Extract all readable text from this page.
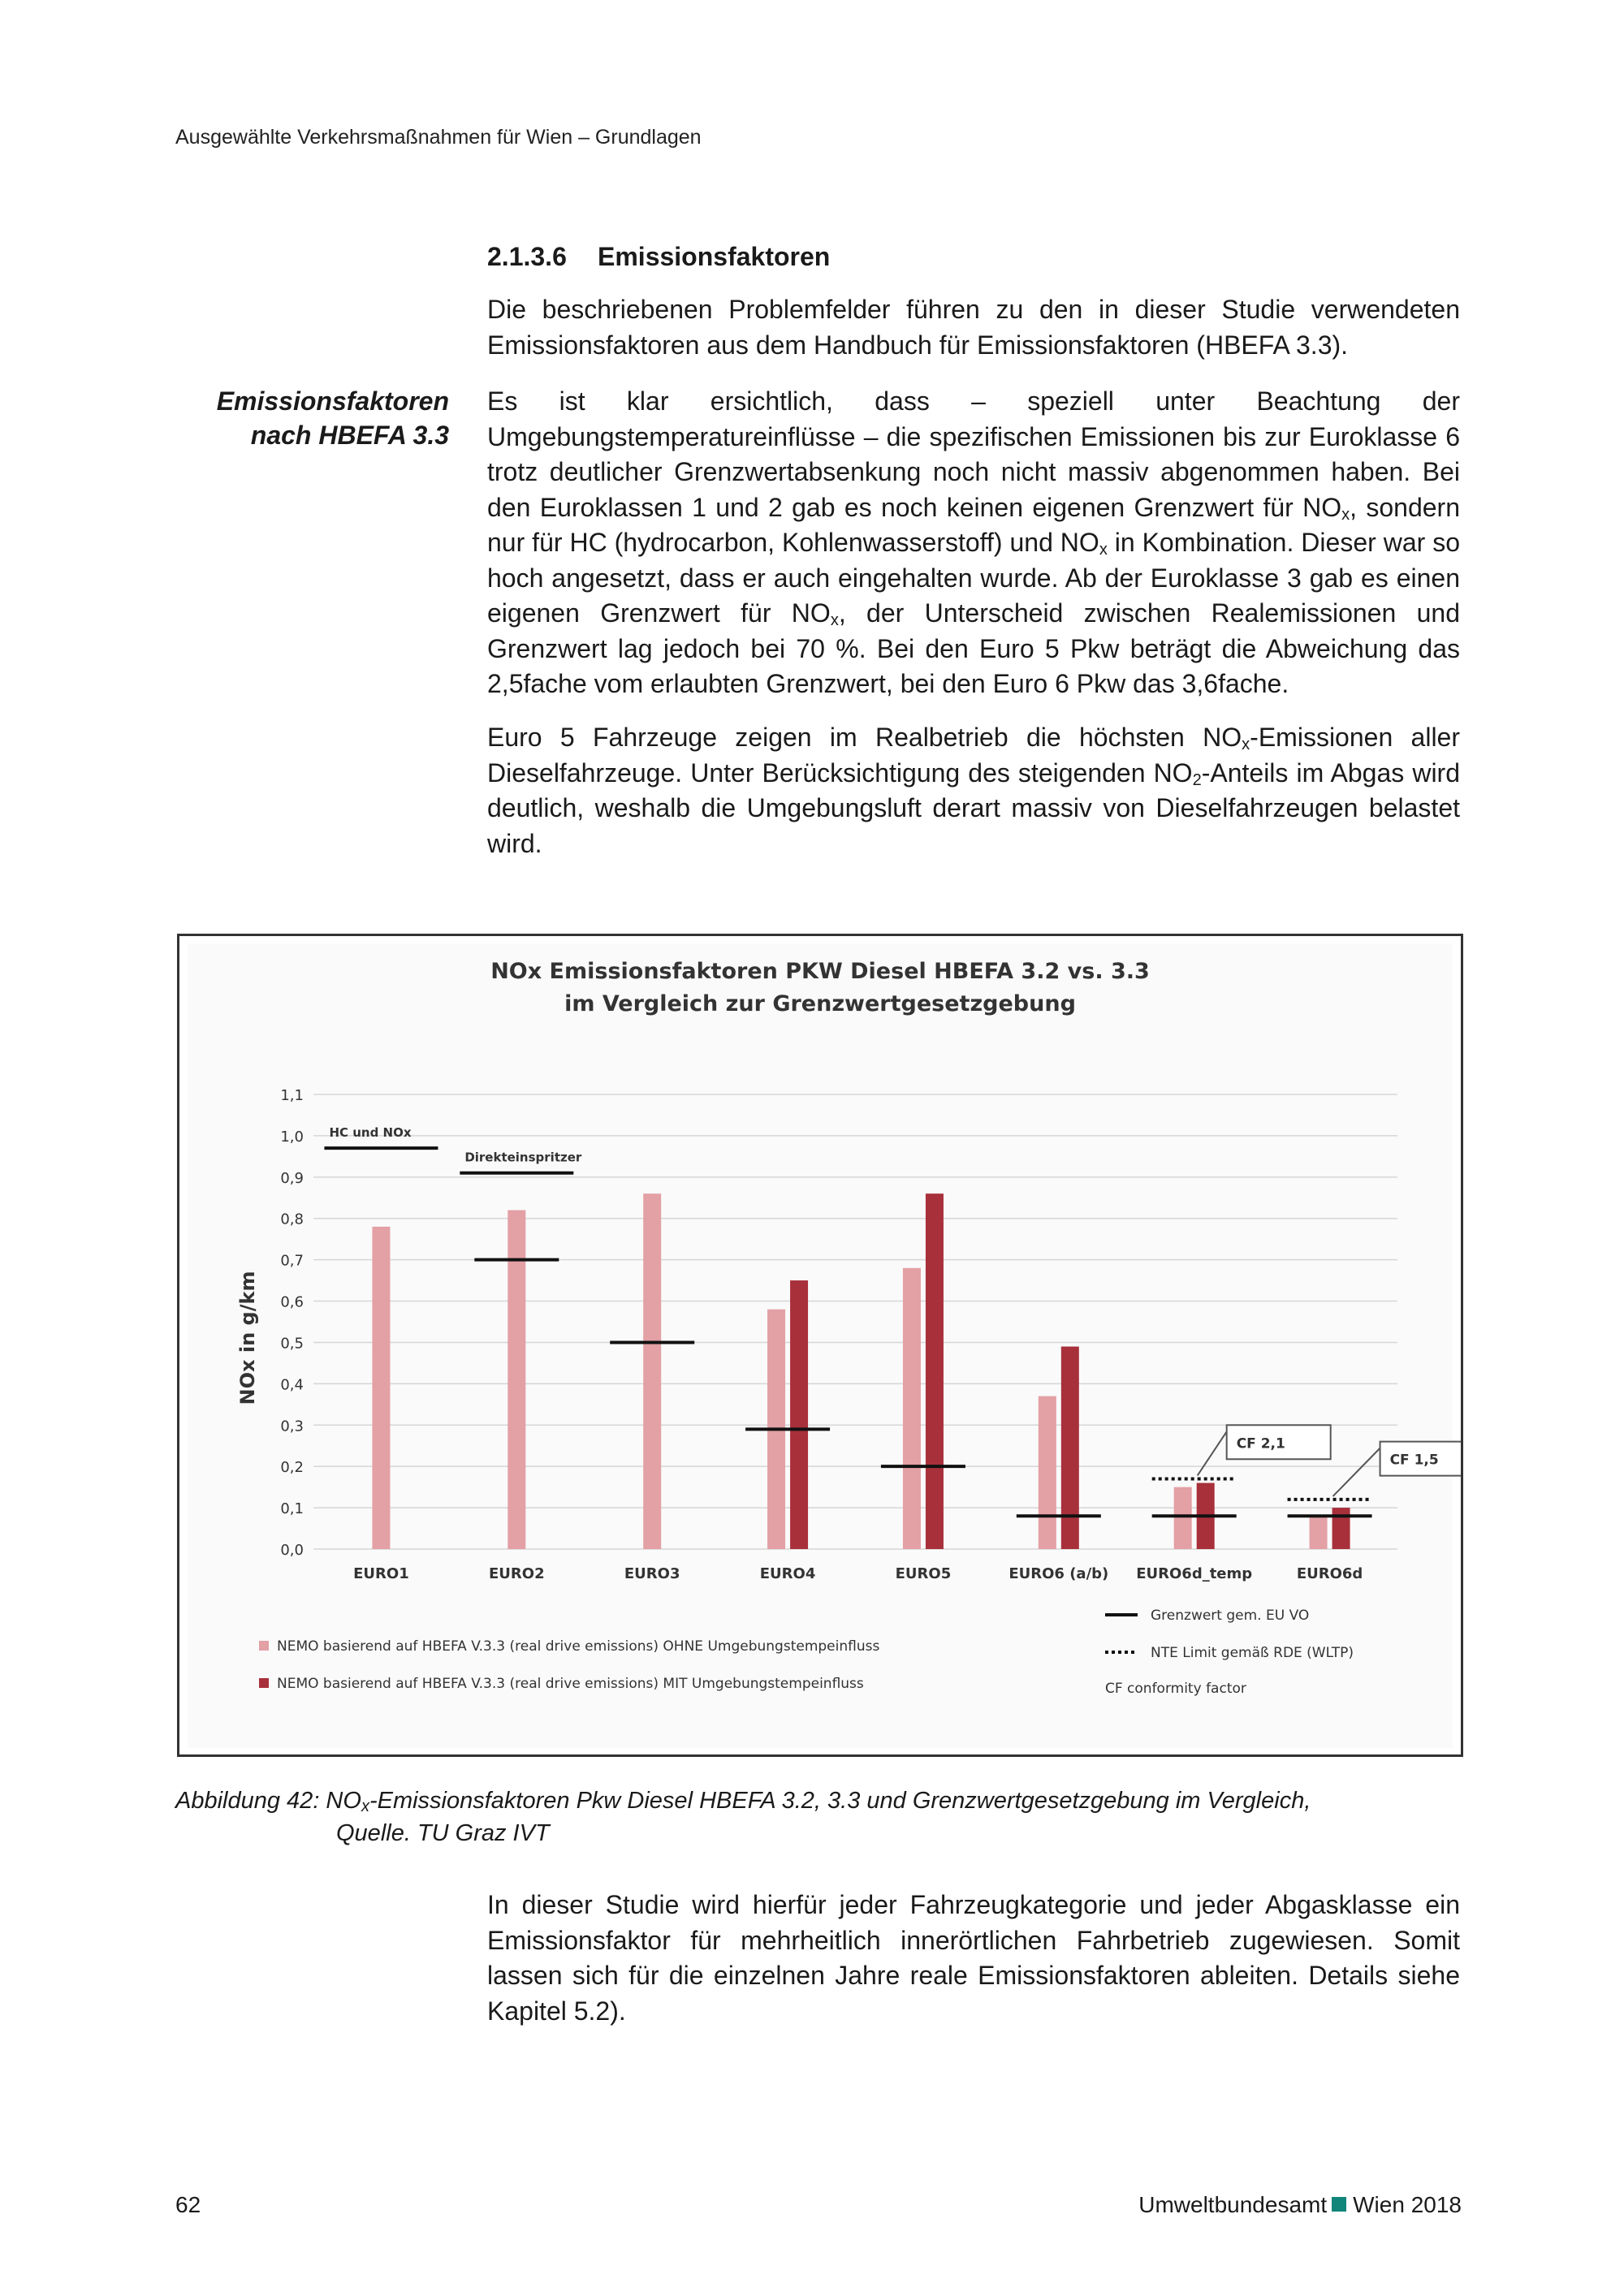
Ausgewählte Verkehrsmaßnahmen für Wien – Grundlagen
2.1.3.6 Emissionsfaktoren
Emissionsfaktoren
nach HBEFA 3.3

Die beschriebenen Problemfelder führen zu den in dieser Studie verwendeten Emissionsfaktoren aus dem Handbuch für Emissionsfaktoren (HBEFA 3.3).

Es ist klar ersichtlich, dass – speziell unter Beachtung der Umgebungstemperatureinflüsse – die spezifischen Emissionen bis zur Euroklasse 6 trotz deutlicher Grenzwertabsenkung noch nicht massiv abgenommen haben. Bei den Euroklassen 1 und 2 gab es noch keinen eigenen Grenzwert für $NO_x$, sondern nur für HC (hydrocarbon, Kohlenwasserstoff) und $NO_x$ in Kombination. Dieser war so hoch angesetzt, dass er auch eingehalten wurde. Ab der Euroklasse 3 gab es einen eigenen Grenzwert für $NO_x$, der Unterscheid zwischen Realemissionen und Grenzwert lag jedoch bei 70 %. Bei den Euro 5 Pkw beträgt die Abweichung das 2,5fache vom erlaubten Grenzwert, bei den Euro 6 Pkw das 3,6fache.

Euro 5 Fahrzeuge zeigen im Realbetrieb die höchsten $NO_x$-Emissionen aller Dieselfahrzeuge. Unter Berücksichtigung des steigenden $NO_2$-Anteils im Abgas wird deutlich, weshalb die Umgebungsluft derart massiv von Dieselfahrzeugen belastet wird.

NOx Emissionsfaktoren PKW Diesel HBEFA 3.2 vs. 3.3
im Vergleich zur Grenzwertgesetzgebung
NOx in g/km
0,0
0,1
0,2
0,3
0,4
0,5
0,6
0,7
0,8
0,9
1,0
1,1
EURO1	EURO2	EURO3	EURO4	EURO5	EURO6 (a/b) EURO6d_temp	EURO6d
HC und NOx
Direkteinspritzer
CF 2,1
CF 1,5
NEMO basierend auf HBEFA V.3.3 (real drive emissions) OHNE Umgebungstempeinfluss
NEMO basierend auf HBEFA V.3.3 (real drive emissions) MIT Umgebungstempeinfluss
Grenzwert gem. EU VO
NTE Limit gemäß RDE (WLTP)
CF conformity factor
Abbildung 42: $NO_x$-Emissionsfaktoren Pkw Diesel HBEFA 3.2, 3.3 und Grenzwertgesetzgebung im Vergleich,
Quelle. TU Graz IVT

In dieser Studie wird hierfür jeder Fahrzeugkategorie und jeder Abgasklasse ein Emissionsfaktor für mehrheitlich innerörtlichen Fahrbetrieb zugewiesen. Somit lassen sich für die einzelnen Jahre reale Emissionsfaktoren ableiten. Details siehe Kapitel 5.2).

62	Umweltbundesamt Wien 2018
